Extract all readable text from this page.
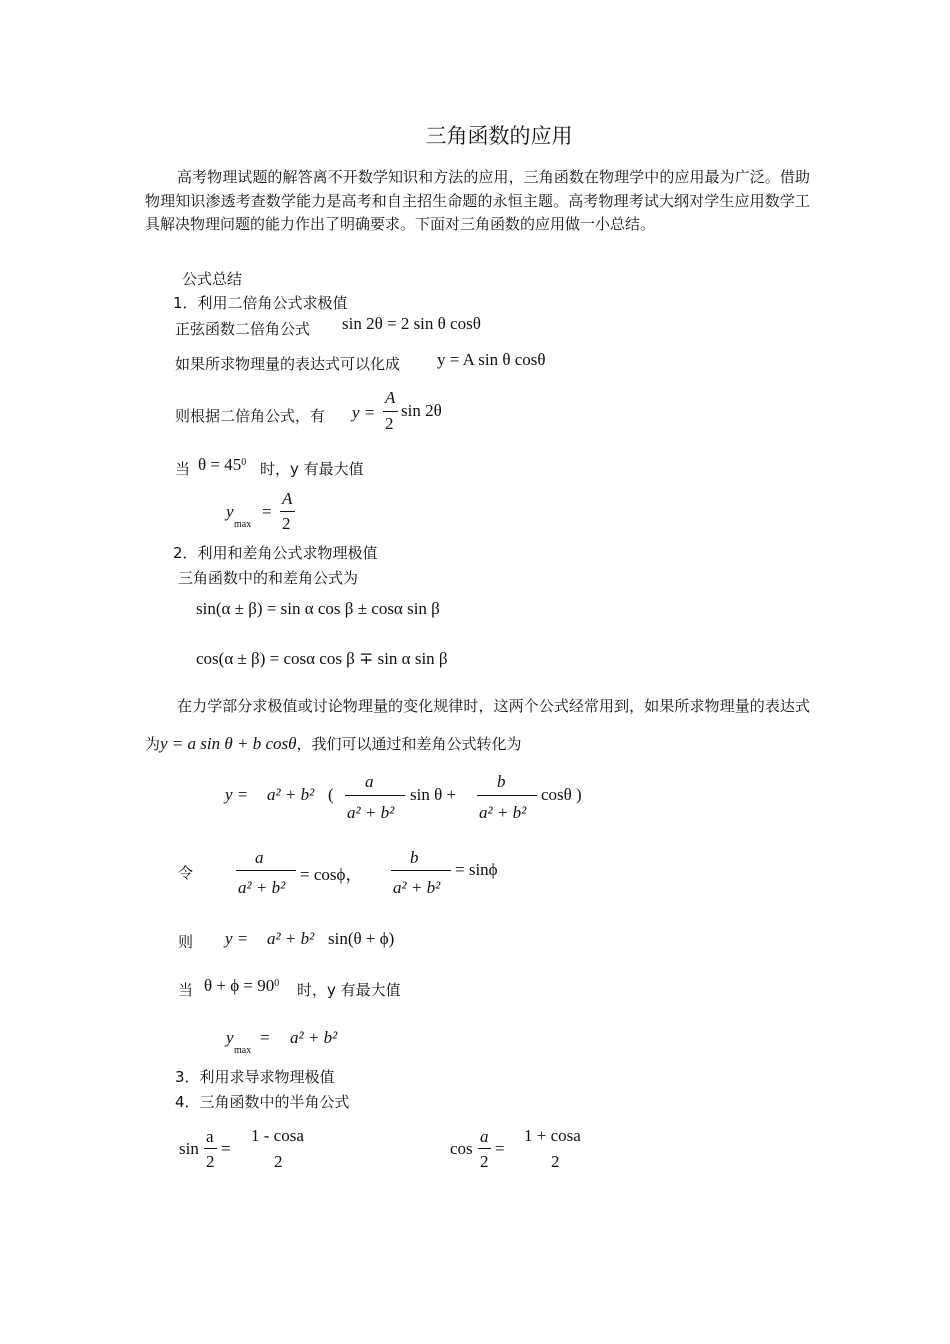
三角函数的应用
高考物理试题的解答离不开数学知识和方法的应用，三角函数在物理学中的应用最为广泛。借助物理知识渗透考查数学能力是高考和自主招生命题的永恒主题。高考物理考试大纲对学生应用数学工具解决物理问题的能力作出了明确要求。下面对三角函数的应用做一小总结。
公式总结
1．利用二倍角公式求极值
正弦函数二倍角公式 sin 2θ = 2 sin θ cosθ
如果所求物理量的表达式可以化成 y = A sin θ cosθ
则根据二倍角公式，有 y =
A
2
sin 2θ
当 $\theta = 45^0$ 时，y 有最大值
y
max
=
A
2
2．利用和差角公式求物理极值
三角函数中的和差角公式为
sin(α ± β) = sin α cos β ± cosα sin β
cos(α ± β) = cosα cos β ∓ sin α sin β
在力学部分求极值或讨论物理量的变化规律时，这两个公式经常用到，如果所求物理量的表达式为y = a sin θ + b cosθ，我们可以通过和差角公式转化为
y = a² + b² (
a
a² + b²
sin θ +
b
a² + b²
cosθ )
令
a
a² + b²
= cosϕ，
b
a² + b²
= sinϕ
则 y = a² + b² sin(θ + ϕ)
当 $\theta + \phi = 90^0$ 时，y 有最大值
y
max
= a² + b²
3．利用求导求物理极值
4．三角函数中的半角公式
sin
a
2
=
1 - cosa
2
cos
a
2
=
1 + cosa
2
